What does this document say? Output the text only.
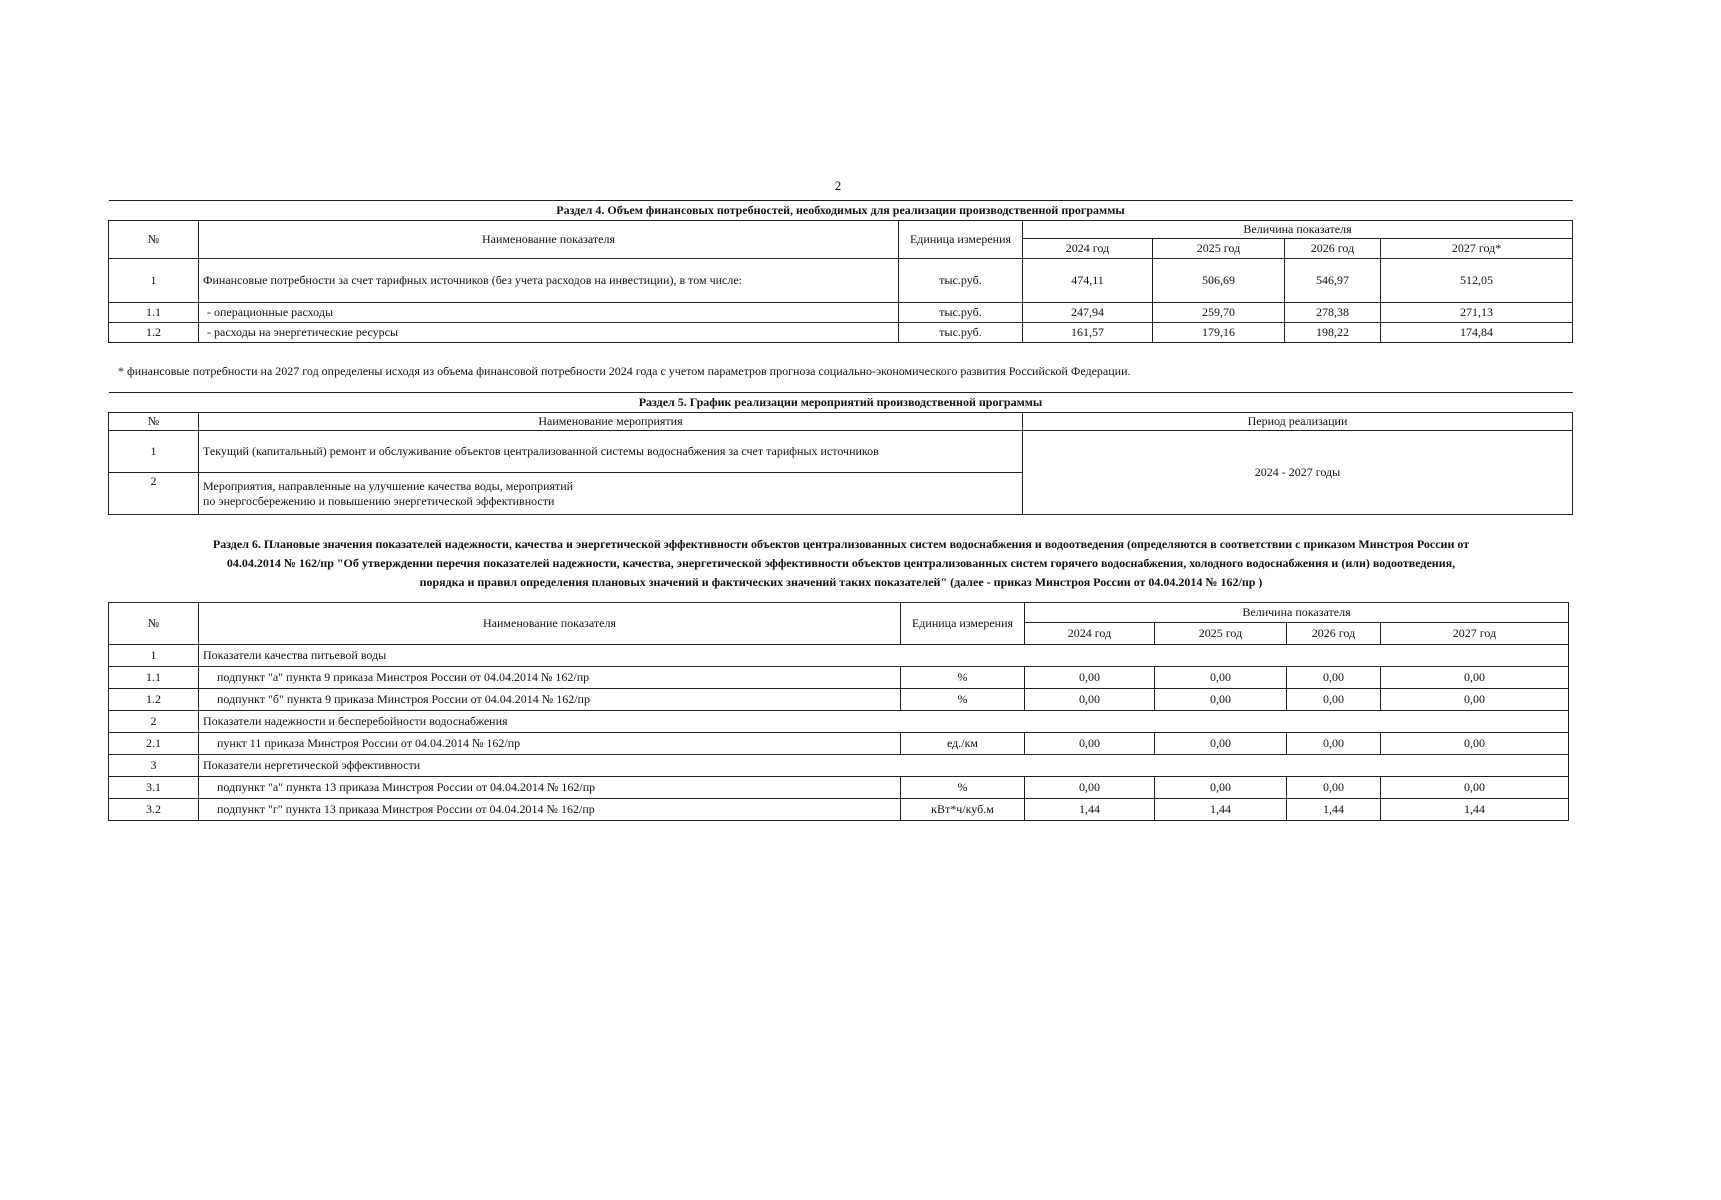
2
Раздел 4. Объем финансовых потребностей, необходимых для реализации производственной программы						
№	Наименование показателя	Единица измерения	Величина показателя			
			2024 год	2025 год	2026 год	2027 год*
1	Финансовые потребности за счет тарифных источников (без учета расходов на инвестиции), в том числе:	тыс.руб.	474,11	506,69	546,97	512,05
1.1	- операционные расходы	тыс.руб.	247,94	259,70	278,38	271,13
1.2	- расходы на энергетические ресурсы	тыс.руб.	161,57	179,16	198,22	174,84
* финансовые потребности на 2027 год определены исходя из объема финансовой потребности 2024 года с учетом параметров прогноза социально-экономического развития Российской Федерации.
Раздел 5. График реализации мероприятий производственной программы		
№	Наименование мероприятия	Период реализации
1	Текущий (капитальный) ремонт и обслуживание объектов централизованной системы водоснабжения за счет тарифных источников	2024 - 2027 годы
2	Мероприятия, направленные на улучшение качества воды, мероприятий
по энергосбережению и повышению энергетической эффективности	
Раздел 6. Плановые значения показателей надежности, качества и энергетической эффективности объектов централизованных систем водоснабжения и водоотведения (определяются в соответствии с приказом Минстроя России от
04.04.2014 № 162/пр "Об утверждении перечня показателей надежности, качества, энергетической эффективности объектов централизованных систем горячего водоснабжения, холодного водоснабжения и (или) водоотведения,
порядка и правил определения плановых значений и фактических значений таких показателей" (далее - приказ Минстроя России от 04.04.2014 № 162/пр )
№	Наименование показателя	Единица измерения	Величина показателя			
			2024 год	2025 год	2026 год	2027 год
1	Показатели качества питьевой воды					
1.1	подпункт "а" пункта 9 приказа Минстроя России от 04.04.2014 № 162/пр	%	0,00	0,00	0,00	0,00
1.2	подпункт "б" пункта 9 приказа Минстроя России от 04.04.2014 № 162/пр	%	0,00	0,00	0,00	0,00
2	Показатели надежности и бесперебойности водоснабжения					
2.1	пункт 11 приказа Минстроя России от 04.04.2014 № 162/пр	ед./км	0,00	0,00	0,00	0,00
3	Показатели нергетической эффективности					
3.1	подпункт "а" пункта 13 приказа Минстроя России от 04.04.2014 № 162/пр	%	0,00	0,00	0,00	0,00
3.2	подпункт "г" пункта 13 приказа Минстроя России от 04.04.2014 № 162/пр	кВт*ч/куб.м	1,44	1,44	1,44	1,44
